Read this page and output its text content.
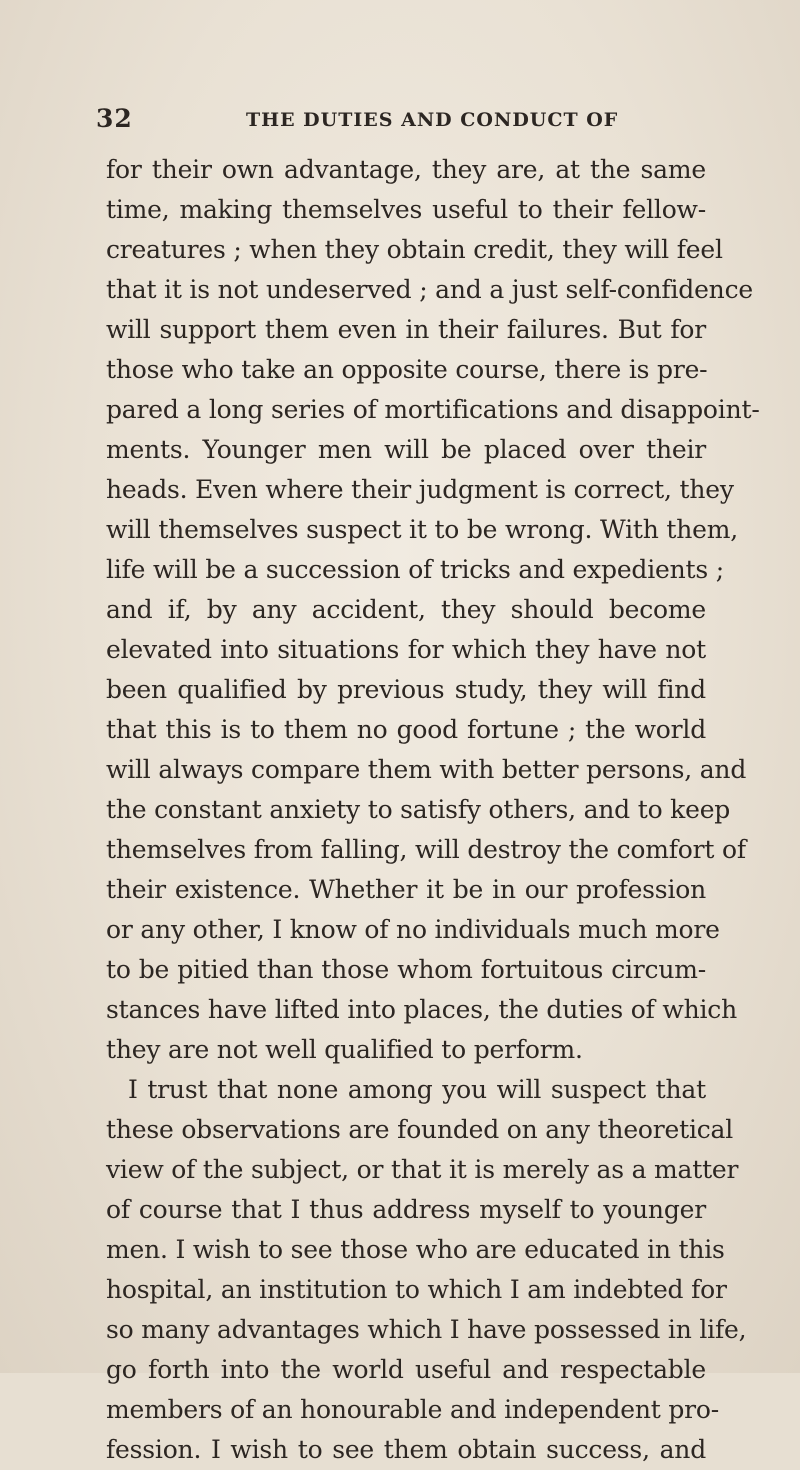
32	THE DUTIES AND CONDUCT OF
for their own advantage, they are, at the same
time, making themselves useful to their fellow-
creatures ; when they obtain credit, they will feel
that it is not undeserved ; and a just self-confidence
will support them even in their failures. But for
those who take an opposite course, there is pre-
pared a long series of mortifications and disappoint-
ments. Younger men will be placed over their
heads. Even where their judgment is correct, they
will themselves suspect it to be wrong. With them,
life will be a succession of tricks and expedients ;
and if, by any accident, they should become
elevated into situations for which they have not
been qualified by previous study, they will find
that this is to them no good fortune ; the world
will always compare them with better persons, and
the constant anxiety to satisfy others, and to keep
themselves from falling, will destroy the comfort of
their existence. Whether it be in our profession
or any other, I know of no individuals much more
to be pitied than those whom fortuitous circum-
stances have lifted into places, the duties of which
they are not well qualified to perform.
I trust that none among you will suspect that
these observations are founded on any theoretical
view of the subject, or that it is merely as a matter
of course that I thus address myself to younger
men. I wish to see those who are educated in this
hospital, an institution to which I am indebted for
so many advantages which I have possessed in life,
go forth into the world useful and respectable
members of an honourable and independent pro-
fession. I wish to see them obtain success, and
